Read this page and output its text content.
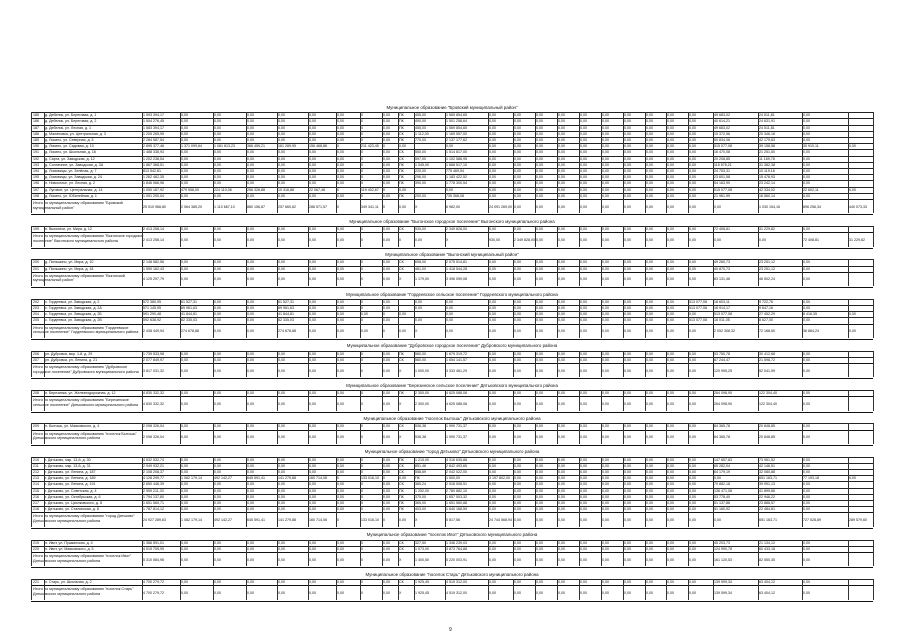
Муниципальное образование "Бровский муниципальный район"
185	д. Дебелик, ул. Береговая, д. 1	1 593 394,17	0,00	0,00	0,00	0,00	0,00	0,00	0	0,00	ПК	455,00	1 569 854,65	0,00	0,00	0,00	0,00	0,00	0,00	0,00	0,00	0,00	0,00	49 683,02	24 511,81	0,00
186	д. Дебелик, ул. Береговая, д. 2	1 504 276,45	0,00	0,00	0,00	0,00	0,00	0,00	0	0,00	ПК	490,00	1 501 258,64	0,00	0,00	0,00	0,00	0,00	0,00	0,00	0,00	0,00	0,00	40 614,21	24 631,91	0,00
187	д. Дебелик, ул. Лесная, д. 1	1 583 394,17	0,00	0,00	0,00	0,00	0,00	0,00	0	0,00	ПК	455,00	1 569 854,65	0,00	0,00	0,00	0,00	0,00	0,00	0,00	0,00	0,00	0,00	49 683,02	24 511,81	0,00
188	д. Малиновка, ул. Центральная, д. 3	1 205 265,95	0,00	0,00	0,00	0,00	0,00	0,00	0	0,00	СК	1 112,00	1 169 557,00	0,00	0,00	0,00	0,00	0,00	0,00	0,00	0,00	0,00	0,00	15 372,56	20 346,16	0,00
189	д. Лисино, ул. Северная, д. 5	2 284 587,54	0,00	0,00	0,00	0,00	0,00	0,00	0	0,00	ПК	770,00	2 137 177,62	0,00	0,00	0,00	0,00	0,00	0,00	0,00	0,00	0,00	0,00	50 834,06	42 179,63	0,00
190	д. Лисино, ул. Садовая, д. 10	2 895 377,46	1 371 099,64	1 081 813,23	366 459,21	161 289,95	156 468,86	0	211 423,45	0	0,00	0,00	0,00	0,00	0,00	0,00	0,00	0,00	0,00	0,00	0,00	0,00	515 077,08	39 158,58	30 910,11	0,00
191	д. Лисино, ул. Школьная, д. 16	1 488 338,93	0,00	0,00	0,00	0,00	0,00	0,00	0	0,00	СК	550,00	1 514 817,00	0,00	0,00	0,00	0,00	0,00	0,00	0,00	0,00	0,00	0,00	16 470,08	21 251,50	0,00
192	д. Сарта, ул. Заводская, д. 12	1 202 238,54	0,00	0,00	0,00	0,00	0,00	0,00	0	0,00	СК	597,00	1 102 586,95	0,00	0,00	0,00	0,00	0,00	0,00	0,00	0,00	0,00	0,00	20 208,85	11 169,78	0,00
193	д. Солнечное, ул. Заводская, д. 3А	1 867 368,51	0,00	0,00	0,00	0,00	0,00	0,00	0	0,00	ПК	1 045,00	1 668 517,10	0,00	0,00	0,00	0,00	0,00	0,00	0,00	0,00	0,00	0,00	115 575,21	31 382,38	0,00
194	д. Ломовицы, ул. Зелёная, д. 7	813 542,81	0,00	0,00	0,00	0,00	0,00	0,00	0	0,00	ПК	220,00	775 469,54	0,00	0,00	0,00	0,00	0,00	0,00	0,00	0,00	0,00	0,00	24 753,31	10 119,18	0,00
195	д. Ломовицы, ул. Заводская, д. 24	1 262 462,35	0,00	0,00	0,00	0,00	0,00	0,00	0	0,00	ПК	296,00	1 183 422,52	0,00	0,00	0,00	0,00	0,00	0,00	0,00	0,00	0,00	0,00	23 601,58	15 478,93	0,00
196	п. Новоселье, ул. Лесная, д. 2	1 846 066,96	0,00	0,00	0,00	0,00	0,00	0,00	0	0,00	ПК	390,00	1 778 300,54	0,00	0,00	0,00	0,00	0,00	0,00	0,00	0,00	0,00	0,00	54 163,90	23 242,14	0,00
197	д. Луговое, ул. Центральная, д. 14	1 050 167,92	479 556,00	224 110,06	256 326,88	10 316,88	22 067,48	0	119 402,67	0	0,00	0,00	0,00	0,00	0,00	0,00	0,00	0,00	0,00	0,00	0,00	0,00	515 077,08	42 334,02	22 602,11	0,00
198	д. Лисино, ул. Юбилейная, д. 1	1 051 290,04	0,00	0,00	0,00	0,00	0,00	0,00	0	0,00	ПК	200,00	735 368,08	0,00	0,00	0,00	0,00	0,00	0,00	0,00	0,00	0,00	0,00	21 961,99	16 560,14	0,00
Итого по муниципальному образованию "Бровский муниципальный район"	25 510 968,80	2 064 385,20	1 110 667,10	880 156,87	257 660,62	288 571,57	0	349 341,11	0	0,00	X	6 982,00	24 091 269,00 0,00	0,00	0,00	0,00	0,00	0,00	0,00	0,00	0,00	0,00	1 030 154,16	896 256,34	440 073,33
Муниципальное образование "Выгонское городское поселение" Выгонского муниципального района
199	п. Выгоничи, ул. Мира, д. 12	2 413 258,14	0,00	0,00	0,00	0,00	0,00	0,00	0	0,00	СК	930,00	2 349 828,00	0,00	0,00	0,00	0,00	0,00	0,00	0,00	0,00	0,00	0,00	72 408,81	31 229,82	0,00
Итого по муниципальному образованию "Выгонское городское поселение" Выгонского муниципального района	2 413 258,14	0,00	0,00	0,00	0,00	0,00	0,00	0	0,00	0	0,00	X	930,00	2 349 828,00 0,00	0,00	0,00	0,00	0,00	0,00	0,00	0,00	0,00	0,00	72 408,81	31 229,82
Муниципальное образование "Выгонский муниципальный район"
200	д. Пильшино, ул. Мира, д. 10	2 148 582,56	0,00	0,00	0,00	0,00	0,00	0,00	0	0,00	СК	698,00	2 075 514,81	0,00	0,00	0,00	0,00	0,00	0,00	0,00	0,00	0,00	0,00	49 260,73	23 251,12	0,00
201	д. Пильшино, ул. Мира, д. 18	1 590 162,43	0,00	0,00	0,00	0,00	0,00	0,00	0	0,00	СК	481,00	1 418 544,28	0,00	0,00	0,00	0,00	0,00	0,00	0,00	0,00	0,00	0,00	40 870,73	23 251,12	0,00
Итого по муниципальному образованию "Выгонский муниципальный район"	4 125 297,79	0,00	0,00	0,00	0,00	0,00	0,00	0	0,00	X	1 179,00	3 496 059,08	0,00	0,00	0,00	0,00	0,00	0,00	0,00	0,00	0,00	0,00	83 131,46	46 502,24	0,00
Муниципальное образование "Гордеевское сельское поселение" Гордеевского муниципального района
202	с. Гордеевка, ул. Заводская, д. 2	572 380,95	61 527,31	0,00	0,00	61 527,31	0,00	0,00	0	0,00	0,00	0,00	0,00	0,00	0,00	0,00	0,00	0,00	0,00	0,00	0,00	513 077,08	18 603,11	9 722,76	0,00
203	с. Гордеевка, ул. Заводская, д. 2А	571 145,95	89 961,63	0,00	0,00	89 961,63	0,00	0,00	0	0,00	0,00	0,00	0,00	0,00	0,00	0,00	0,00	0,00	0,00	0,00	0,00	513 077,08	18 914,17	9 647,16	0,00
204	с. Гордеевка, ул. Заводская, д. 2Б	591 290,48	41 844,81	0,00	0,00	41 844,81	0,00	0,00	0,00	0	0,00	0,00	0,00	0,00	0,00	0,00	0,00	0,00	0,00	0,00	0,00	0,00	513 077,08	27 452,29	8 416,35	0,00
205	с. Гордеевка, ул. Заводская, д. 2В	592 638,92	82 335,03	0,00	0,00	82 335,03	0,00	0,00	0	0,00	0,00	0,00	0,00	0,00	0,00	0,00	0,00	0,00	0,00	0,00	0,00	513 077,08	18 011,05	8 627,00	0,00
Итого по муниципальному образованию "Гордеевское сельское поселение" Гордеевского муниципального района	2 438 449,94	274 678,88	0,00	0,00	274 678,88	0,00	0,00	0,00	0	0,00	X	0,00	0,00	0,00	0,00	0,00	0,00	0,00	0,00	0,00	0,00	0,00	2 052 308,32	72 168,50	36 884,24	0,00
Муниципальное образование "Дубровское городское поселение" Дубровского муниципального района
206	рп. Дубровка, мкр. 1-й, д. 29	1 739 533,98	0,00	0,00	0,00	0,00	0,00	0,00	0	0,00	ПК	560,00	1 679 319,72	0,00	0,00	0,00	0,00	0,00	0,00	0,00	0,00	0,00	0,00	53 750,78	30 412,68	0,00
207	рп. Дубровка, ул. Ленина, д. 21	2 077 849,97	0,00	0,00	0,00	0,00	0,00	0,00	0	0,00	СК	560,00	1 654 141,57	0,00	0,00	0,00	0,00	0,00	0,00	0,00	0,00	0,00	0,00	67 244,47	21 598,72	0,00
Итого по муниципальному образованию "Дубровское городское поселение" Дубровского муниципального района	3 817 031,32	0,00	0,00	0,00	0,00	0,00	0,00	0	0,00	X	1 000,00	3 333 461,29	0,00	0,00	0,00	0,00	0,00	0,00	0,00	0,00	0,00	0,00	120 995,25	52 041,59	0,00
Муниципальное образование "Березинское сельское поселение" Дятьковского муниципального района
208	п. Березинка, ул. Железнодорожная, д. 12	4 830 332,32	0,00	0,00	0,00	0,00	0,00	0,00	0	0,00	ПК	2 300,00	4 625 088,08	0,00	0,00	0,00	0,00	0,00	0,00	0,00	0,00	0,00	0,00	264 098,90	122 304,40	0,00
Итого по муниципальному образованию "Березинское сельское поселение" Дятьковского муниципального района	4 830 332,32	0,00	0,00	0,00	0,00	0,00	0,00	0	0,00	X	2 300,00	4 625 088,08	0,00	0,00	0,00	0,00	0,00	0,00	0,00	0,00	0,00	0,00	264 098,90	122 304,40	0,00
Муниципальное образование "поселок Бытошь" Дятьковского муниципального района
209	п. Бытошь, ул. Маяковского, д. 4	2 098 326,04	0,00	0,00	0,00	0,00	0,00	0,00	0	0,00	СК	536,38	1 990 731,37	0,00	0,00	0,00	0,00	0,00	0,00	0,00	0,00	0,00	0,00	84 365,78	20 848,85	0,00
Итого по муниципальному образованию "поселок Бытошь" Дятьковского муниципального района	2 098 326,04	0,00	0,00	0,00	0,00	0,00	0,00	0	0,00	X	536,38	1 990 731,37	0,00	0,00	0,00	0,00	0,00	0,00	0,00	0,00	0,00	0,00	84 365,78	20 848,85	0,00
Муниципальное образование "город Дятьково" Дятьковского муниципального района
210	г. Дятьково, мкр. 13-й, д. 30	4 532 532,74	0,00	0,00	0,00	0,00	0,00	0,00	0	0,00	ПК	1 215,00	4 316 635,88	0,00	0,00	0,00	0,00	0,00	0,00	0,00	0,00	0,00	0,00	147 657,83	73 951,52	0,00
211	г. Дятьково, мкр. 13-й, д. 31	2 949 932,21	0,00	0,00	0,00	0,00	0,00	0,00	0	0,00	СК	851,46	2 842 493,65	0,00	0,00	0,00	0,00	0,00	0,00	0,00	0,00	0,00	0,00	65 282,04	42 146,51	0,00
212	г. Дятьково, ул. Ленина, д. 187	2 108 208,37	0,00	0,00	0,00	0,00	0,00	0,00	0	0,00	СК	558,69	2 042 022,00	0,00	0,00	0,00	0,00	0,00	0,00	0,00	0,00	0,00	0,00	64 179,19	32 080,88	0,00
213	г. Дятьково, ул. Ленина, д. 189	4 128 299,77	1 082 179,14	492 142,27	645 591,41	141 279,88	160 714,08	0	133 016,10	0	0,00	ПК	1 500,00	3 197 802,00	0,00	0,00	0,00	0,00	0,00	0,00	0,00	0,00	0,00	0,00	651 163,71	77 193,18	0,00
214	г. Дятьково, ул. Ленина, д. 191	2 650 446,39	0,00	0,00	0,00	0,00	0,00	0,00	0	0,00	СК	365,24	2 516 008,51	0,00	0,00	0,00	0,00	0,00	0,00	0,00	0,00	0,00	0,00	70 882,18	39 991,13	0,00
215	г. Дятьково, ул. Советская, д. 4	2 959 211,33	0,00	0,00	0,00	0,00	0,00	0,00	0	0,00	ПК	1 252,00	2 780 882,10	0,00	0,00	0,00	0,00	0,00	0,00	0,00	0,00	0,00	0,00	136 471,08	41 899,66	0,00
216	г. Дятьково, ул. Октябрьская, д. 6	1 794 137,80	0,00	0,00	0,00	0,00	0,00	0,00	0	0,00	ПК	375,00	1 657 503,32	0,00	0,00	0,00	0,00	0,00	0,00	0,00	0,00	0,00	0,00	53 778,40	22 946,22	0,00
217	г. Дятьково, ул. Циолковского, д. 8	1 651 560,71	0,00	0,00	0,00	0,00	0,00	0,00	0	0,00	ПК	365,00	1 651 560,88	0,00	0,00	0,00	0,00	0,00	0,00	0,00	0,00	0,00	0,00	51 137,88	23 888,57	0,00
218	г. Дятьково, ул. Сталинская, д. 8	1 787 814,12	0,00	0,00	0,00	0,00	0,00	0,00	0	0,00	ПК	403,00	1 640 168,59	0,00	0,00	0,00	0,00	0,00	0,00	0,00	0,00	0,00	0,00	51 160,92	22 484,81	0,00
Итого по муниципальному образованию "город Дятьково" Дятьковского муниципального района	24 927 289,63	1 082 179,14	492 142,27	645 591,41	141 279,88	160 714,08	0	133 016,10	0	0,00	X	5 817,56	24 744 568,94 0,00	0,00	0,00	0,00	0,00	0,00	0,00	0,00	0,00	0,00	651 163,71	727 528,89	289 579,60
Муниципальное образование "поселок Ивот" Дятьковского муниципального района
219	п. Ивот, ул. Пушкинская, д. 4	1 366 591,01	0,00	0,00	0,00	0,00	0,00	0,00	0	0,00	СК	327,50	1 346 239,03	0,00	0,00	0,00	0,00	0,00	0,00	0,00	0,00	0,00	0,00	45 203,73	21 134,12	0,00
220	п. Ивот, ул. Маяковского, д. 5	4 019 705,95	0,00	0,00	0,00	0,00	0,00	0,00	0	0,00	СК	1 073,00	3 873 764,88	0,00	0,00	0,00	0,00	0,00	0,00	0,00	0,00	0,00	0,00	124 990,78	60 433,18	0,00
Итого по муниципальному образованию "поселок Ивот" Дятьковского муниципального района	5 310 584,96	0,00	0,00	0,00	0,00	0,00	0,00	0	0,00	X	1 400,50	5 220 003,91	0,00	0,00	0,00	0,00	0,00	0,00	0,00	0,00	0,00	0,00	161 120,53	82 550,35	0,00
Муниципальное образование "поселок Старь" Дятьковского муниципального района
221	п. Старь, ул. Школьная, д. 2	4 700 279,72	0,00	0,00	0,00	0,00	0,00	0,00	0	0,00	СК	1 925,45	4 519 312,00	0,00	0,00	0,00	0,00	0,00	0,00	0,00	0,00	0,00	0,00	139 599,34	63 404,12	0,00
Итого по муниципальному образованию "поселок Старь" Дятьковского муниципального района	4 700 279,72	0,00	0,00	0,00	0,00	0,00	0,00	0	0,00	X	1 925,45	4 519 312,00	0,00	0,00	0,00	0,00	0,00	0,00	0,00	0,00	0,00	0,00	139 599,34	63 404,12	0,00
9
